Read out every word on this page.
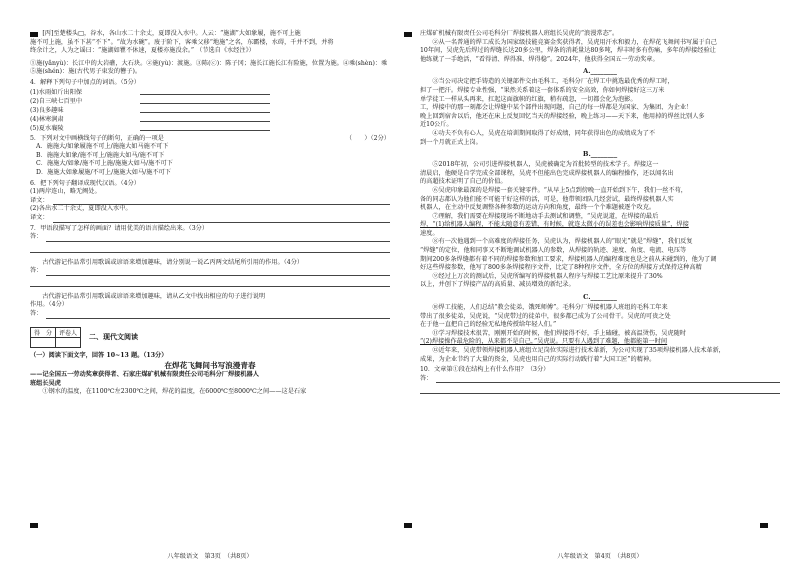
　　[丙]至楚楼头□，谷水，各山水二十余丈，夏即没入水中。人云：“施湖”大如象履，施不可上施
施不可上施，虽不下甚“不下”。“故为水碗”。废于阶下，客乘父移“地施”之名，东霸楼，水碍，千并不到，并将
终余计之，人为之谣曰：“施湖如瞿不休速，夏楼亦施没余。” （节选自《水经注》）
①施(yǎnyù)：长江中的大岩礁，大石块。②施(yù)：渡施。③陈(ⓒ)：陈子冈；施长江施长江有险施，位置为施。④乘(shèn)：乘
⑤施(shén)：施(古代男子束发的簪子)。
4．解释下列句子中加点的词语。（5分）
(1)水雨如斤出阳保
(2)自三峡七百里中
(3)良多趣味
(4)林寒涧肃
(5)夏水襄陵
5．下列对文中画横线句子的断句，正确的一项是	（　　）（2分）
A．施施大/如象履施不可上/施施大如马施不可下
B．施施大如象/施不可上/施施大如马/施不可下
C．施施大/如象/施不可上施/施施大如马/施不可下
D．施施大如象履施/不可上/施施大如马/施不可下
6．把下列句子翻译成现代汉语。（4分）
(1)两岸连山，略无阙处。
译文：
(2)各出水二十余丈，夏即没入水中。
译文：
7．甲语段描写了怎样的画面？请用优美的语言描绘出来。（3分）
答：
　　古代游记作品常引用歌谣或谚语来增加趣味，请分别说一说乙丙两文结尾所引用的作用。（4分）
答：
　　古代游记作品常引用歌谣或谚语来增加趣味，请从乙文中找出相应的句子进行说明
作用。（4分）
答：
得　分	评卷人
	二、现代文阅读
（一）阅读下面文字，回答 10~13 题。（13分）
在焊花飞舞间书写浪漫青春
——记全国五一劳动奖章获得者、石家庄煤矿机械有限责任公司毛科分厂焊接机器人
班组长吴虎
　　①钢水的温度，在1100℃左2300℃之间，焊花的温度，在6000℃至8000℃之间——这是石家
八年级语文　第3页　（共8页）
庄煤矿机械有限责任公司毛科分厂焊接机器人班组长吴虎的“浪漫常态”。
　　②从一名普通的焊工成长为国家级技能竞赛金奖获得者，吴虎用汗水和毅力，在焊花飞舞间书写属于自己
10年间，吴虎先后焊过的焊缝长达20多公里，焊条的消耗量达80多吨，焊丰时多有伤痛，多年的焊接经验让
他练就了一手绝活，“看得清、焊得准、焊得稳”。2024年，他获得全国五一劳动奖章。
A.________
　　③当公司决定把手铸造的关键部件交由毛科工，毛科分厂在焊工中挑选最优秀的焊工时，
担了一把汗。焊接专业性强，“果然关系着这一套体系的安全高效，你如何焊接好这三万米
单学徒工一样从头再来，扛起这面旗帜的红旗，稍有疏忽，一切都会化为泡影。
工，焊接中的那一刻都会让焊缝中某个部件出现问题，自己的每一焊都是为国家、为集团、为企业！
晚上回到宿舍以后，他还在床上反复回忆当天的焊接经验，晚上练习——天下来，他用掉的焊丝比别人多
近10公斤。
　　④功夫不负有心人，吴虎在培训期间取得了好成绩，同年获得出色的成绩成为了不
到一个月就正式上岗。
B.________
　　⑤2018年初，公司引进焊接机器人，吴虎被确定为首批转型的技术学子。焊接这一
清晨启，他硬是自学完成全部课程，吴虎不但能出色完成焊接机器人的编程操作，还以闻名出
的高超技术证明了自己的价值。
　　⑥吴虎印象最深的是焊接一套关键零件。“从早上5点到傍晚一直开始到下午，我们一丝不苟，
备的同志都认为他们能不可能干好这样的活，可是，他带领团队几经尝试，最终焊接机器人实
机器人，在主动中反复调整各种参数的运动方向和角度，最终一个个难题被逐个攻克。
　　⑦理解，我们需要在焊接现场不断地动手去测试和调整，“吴虎说道，在焊接的最后
焊，“(1)给机器人编程，不能太随意有差错，有时候，就连太微小的误差也会影响焊接质量”，焊接
速度。
　　⑧有一次他遇到一个高难度的焊接任务，吴虎认为，焊接机器人的“眼光”就是“焊缝”，我们反复
“焊缝”的定位，他和同事又不断地调试机器人的参数，从焊接的轨迹、速度、角度、电流、电压等
期间200多条焊缝都有着不同的焊接参数和加工要求，焊接机器人的编程难度也是之前从未碰到的，他为了调
好这些焊接参数，他写了800多条焊接程序文件，比定了8种程序文件，全方位的焊接方式保持这种高精
　　⑨经过上万次的测试后，吴虎所编写的焊接机器人程序与焊接工艺比原来提升了30%
以上，并创下了焊接产品的高质量、减员增效的新纪录。
C.________
　　⑩焊工技能，人们总结“教会徒弟，饿死师傅”。毛科分厂焊接机器人班组的毛科工年来
带出了很多徒弟，吴虎说，“吴虎带过的徒弟中，很多都已成为了公司骨干。吴虎的可贵之处
在于他一直把自己的经验无私地传授给年轻人们。”
　　⑪学习焊接技术很苦，刚刚开始的时候，他们焊接得不好，手上磕碰，被高温烫伤，吴虎随时
“(2)焊接操作最危险的，从来都不是自己，”吴虎说。只要有人遇到了难题，他都能第一时间
　　⑫近年来，吴虎带领焊接机器人班组立足岗位实际进行技术革新，为公司实现了35项焊接机器人技术革新，
成果，为企业节约了大量的资金，吴虎也用自己的实际行动践行着“大国工匠”的精神。
10．文章第①段在结构上有什么作用？（3分）
答：
八年级语文　第4页　（共8页）
